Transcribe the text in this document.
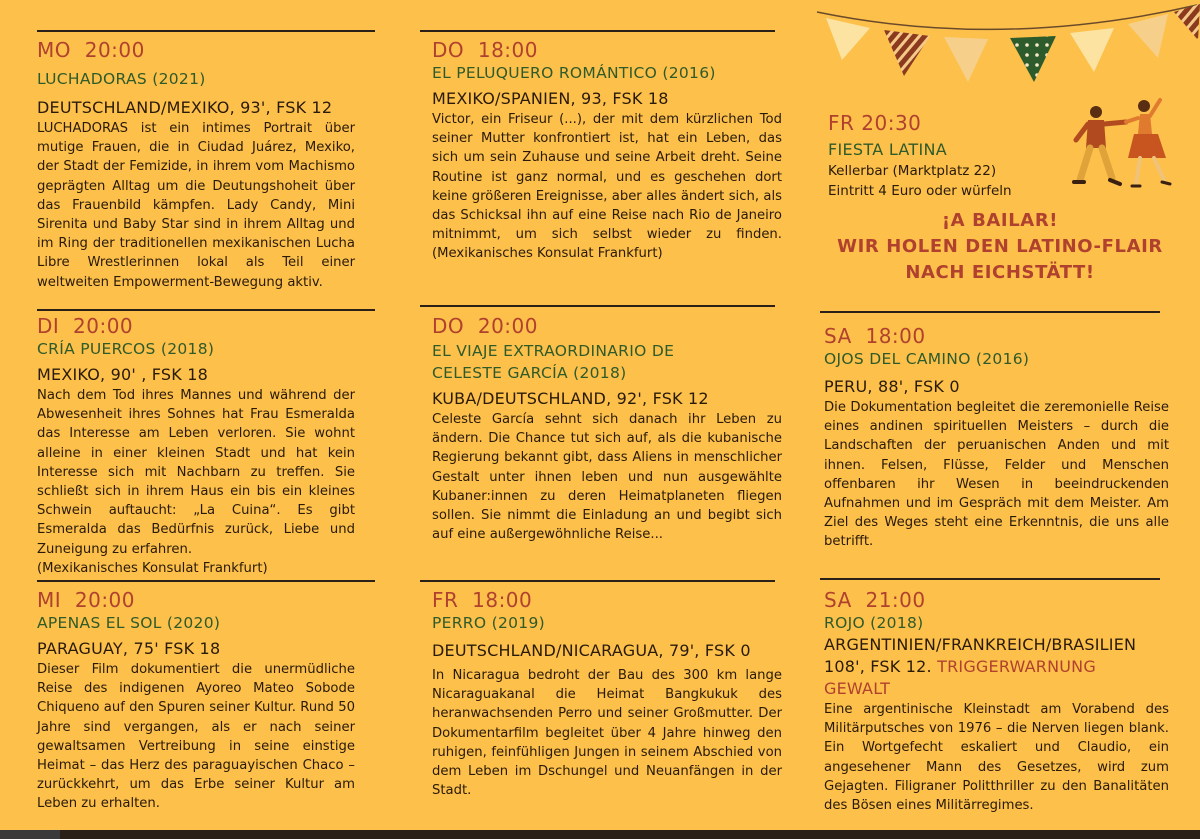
MO  20:00
LUCHADORAS (2021)
DEUTSCHLAND/MEXIKO, 93', FSK 12
LUCHADORAS ist ein intimes Portrait über mutige Frauen, die in Ciudad Juárez, Mexiko, der Stadt der Femizide, in ihrem vom Machismo geprägten Alltag um die Deutungshoheit über das Frauenbild kämpfen. Lady Candy, Mini Sirenita und Baby Star sind in ihrem Alltag und im Ring der traditionellen mexikanischen Lucha Libre Wrestlerinnen lokal als Teil einer weltweiten Empowerment-Bewegung aktiv.
DI  20:00
CRÍA PUERCOS (2018)
MEXIKO, 90' , FSK 18
Nach dem Tod ihres Mannes und während der Abwesenheit ihres Sohnes hat Frau Esmeralda das Interesse am Leben verloren. Sie wohnt alleine in einer kleinen Stadt und hat kein Interesse sich mit Nachbarn zu treffen. Sie schließt sich in ihrem Haus ein bis ein kleines Schwein auftaucht: „La Cuina“. Es gibt Esmeralda das Bedürfnis zurück, Liebe und Zuneigung zu erfahren.
(Mexikanisches Konsulat Frankfurt)
MI  20:00
APENAS EL SOL (2020)
PARAGUAY, 75' FSK 18
Dieser Film dokumentiert die unermüdliche Reise des indigenen Ayoreo Mateo Sobode Chiqueno auf den Spuren seiner Kultur. Rund 50 Jahre sind vergangen, als er nach seiner gewaltsamen Vertreibung in seine einstige Heimat – das Herz des paraguayischen Chaco – zurückkehrt, um das Erbe seiner Kultur am Leben zu erhalten.
DO  18:00
EL PELUQUERO ROMÁNTICO (2016)
MEXIKO/SPANIEN, 93, FSK 18
Victor, ein Friseur (...), der mit dem kürzlichen Tod seiner Mutter konfrontiert ist, hat ein Leben, das sich um sein Zuhause und seine Arbeit dreht. Seine Routine ist ganz normal, und es geschehen dort keine größeren Ereignisse, aber alles ändert sich, als das Schicksal ihn auf eine Reise nach Rio de Janeiro mitnimmt, um sich selbst wieder zu finden. (Mexikanisches Konsulat Frankfurt)
DO  20:00
EL VIAJE EXTRAORDINARIO DE
CELESTE GARCÍA (2018)
KUBA/DEUTSCHLAND, 92', FSK 12
Celeste García sehnt sich danach ihr Leben zu ändern. Die Chance tut sich auf, als die kubanische Regierung bekannt gibt, dass Aliens in menschlicher Gestalt unter ihnen leben und nun ausgewählte Kubaner:innen zu deren Heimatplaneten fliegen sollen. Sie nimmt die Einladung an und begibt sich auf eine außergewöhnliche Reise...
FR  18:00
PERRO (2019)
DEUTSCHLAND/NICARAGUA, 79', FSK 0
In Nicaragua bedroht der Bau des 300 km lange Nicaraguakanal die Heimat Bangkukuk des heranwachsenden Perro und seiner Großmutter. Der Dokumentarfilm begleitet über 4 Jahre hinweg den ruhigen, feinfühligen Jungen in seinem Abschied von dem Leben im Dschungel und Neuanfängen in der Stadt.
FR 20:30
FIESTA LATINA
Kellerbar (Marktplatz 22)
Eintritt 4 Euro oder würfeln
¡A BAILAR!
WIR HOLEN DEN LATINO-FLAIR
NACH EICHSTÄTT!
SA  18:00
OJOS DEL CAMINO (2016)
PERU, 88', FSK 0
Die Dokumentation begleitet die zeremonielle Reise eines andinen spirituellen Meisters – durch die Landschaften der peruanischen Anden und mit ihnen. Felsen, Flüsse, Felder und Menschen offenbaren ihr Wesen in beeindruckenden Aufnahmen und im Gespräch mit dem Meister. Am Ziel des Weges steht eine Erkenntnis, die uns alle betrifft.
SA  21:00
ROJO (2018)
ARGENTINIEN/FRANKREICH/BRASILIEN
108', FSK 12. TRIGGERWARNUNG
GEWALT
Eine argentinische Kleinstadt am Vorabend des Militärputsches von 1976 – die Nerven liegen blank. Ein Wortgefecht eskaliert und Claudio, ein angesehener Mann des Gesetzes, wird zum Gejagten. Filigraner Politthriller zu den Banalitäten des Bösen eines Militärregimes.
